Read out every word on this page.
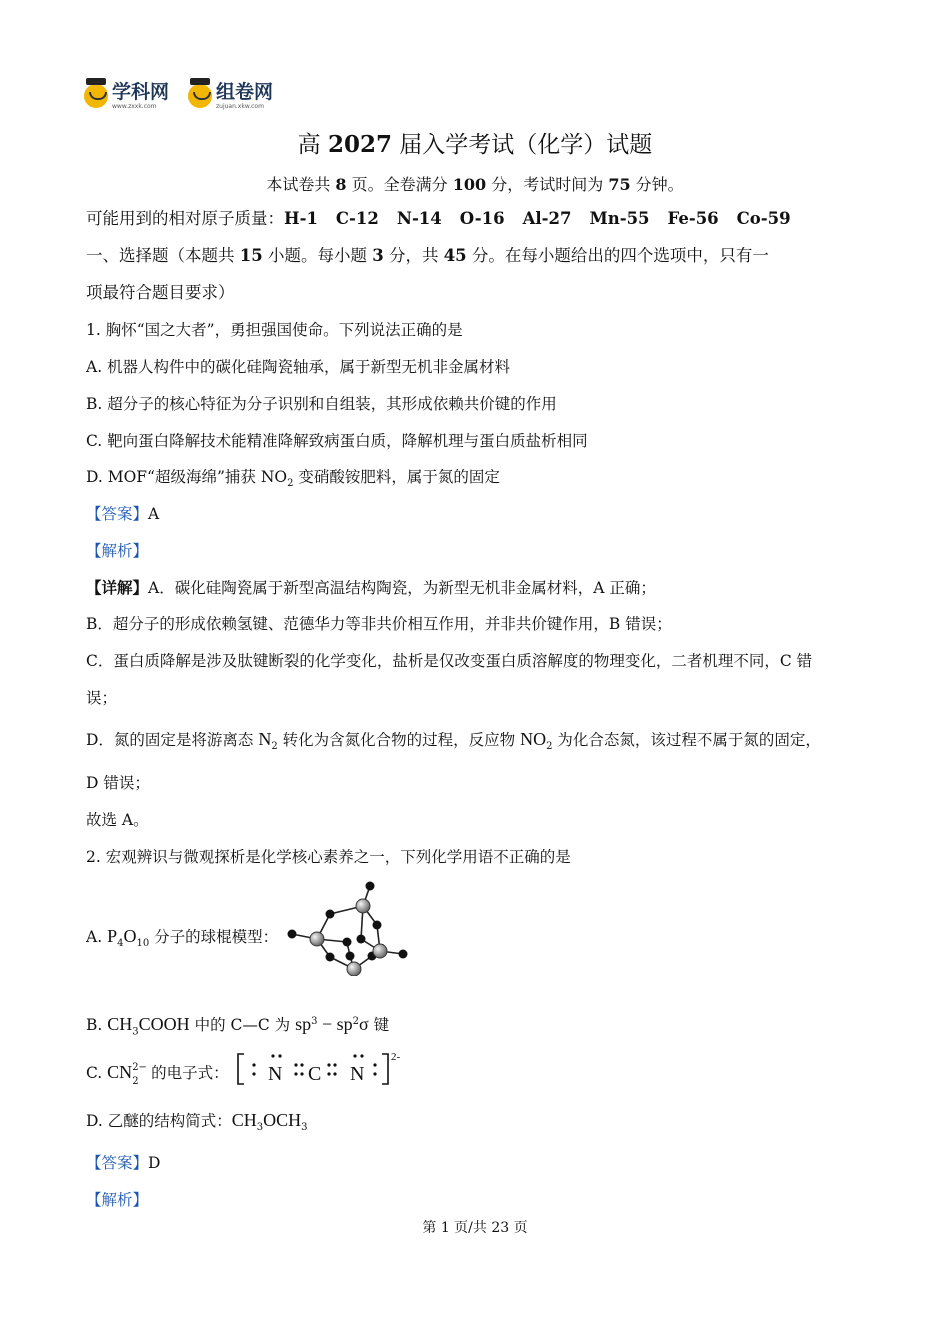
学科网
www.zxxk.com
组卷网
zujuan.xkw.com
高 2027 届入学考试（化学）试题
本试卷共 8 页。全卷满分 100 分，考试时间为 75 分钟。
可能用到的相对原子质量：H-1 C-12 N-14 O-16 Al-27 Mn-55 Fe-56 Co-59
一、选择题（本题共 15 小题。每小题 3 分，共 45 分。在每小题给出的四个选项中，只有一
项最符合题目要求）
1. 胸怀“国之大者”，勇担强国使命。下列说法正确的是
A. 机器人构件中的碳化硅陶瓷轴承，属于新型无机非金属材料
B. 超分子的核心特征为分子识别和自组装，其形成依赖共价键的作用
C. 靶向蛋白降解技术能精准降解致病蛋白质，降解机理与蛋白质盐析相同
D. MOF“超级海绵”捕获 $NO_2$ 变硝酸铵肥料，属于氮的固定
【答案】A
【解析】
【详解】A．碳化硅陶瓷属于新型高温结构陶瓷，为新型无机非金属材料，A 正确；
B．超分子的形成依赖氢键、范德华力等非共价相互作用，并非共价键作用，B 错误；
C．蛋白质降解是涉及肽键断裂的化学变化，盐析是仅改变蛋白质溶解度的物理变化，二者机理不同，C 错
误；
D．氮的固定是将游离态 $N_2$ 转化为含氮化合物的过程，反应物 $NO_2$ 为化合态氮，该过程不属于氮的固定，
D 错误；
故选 A。
2. 宏观辨识与微观探析是化学核心素养之一，下列化学用语不正确的是
A. $P_4O_{10}$ 分子的球棍模型：
B. $CH_3COOH$ 中的 C—C 为 $sp^3 - sp^2\sigma$ 键
C. CN 2−
2 的电子式： N C N
2-
D. 乙醚的结构简式：$CH_3OCH_3$
【答案】D
【解析】
第 1 页/共 23 页
